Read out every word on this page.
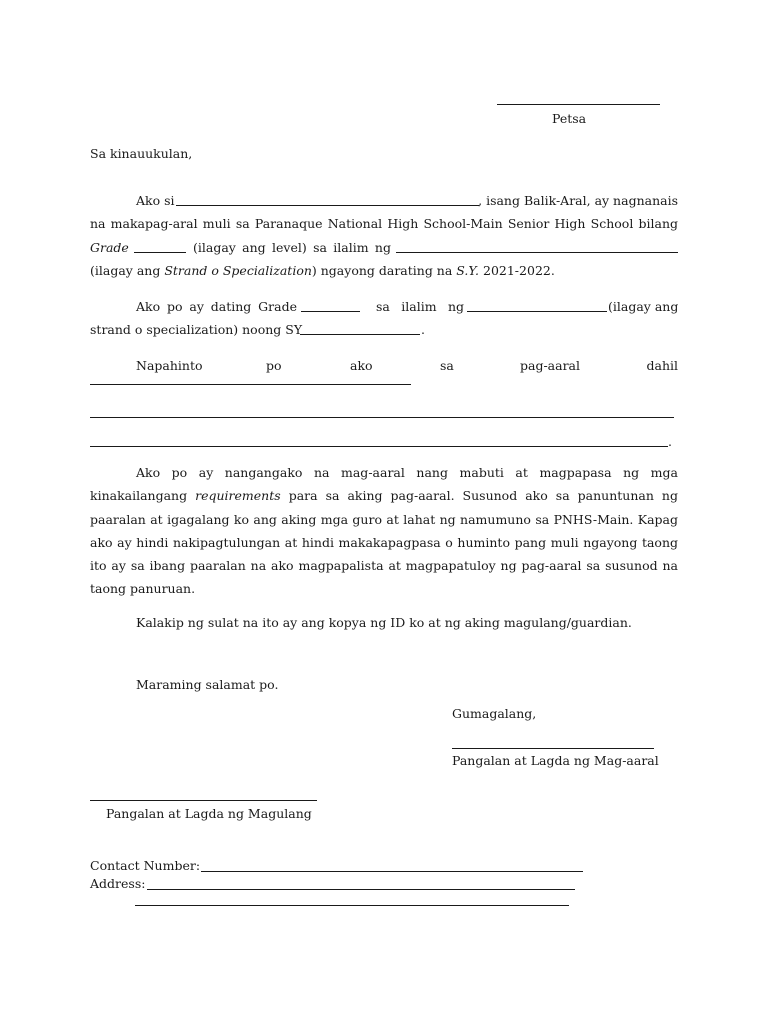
Petsa
Sa kinauukulan,
Ako si	, isang Balik-Aral, ay nagnanais
na makapag-aral muli sa Paranaque National High School-Main Senior High School bilang
Grade	(ilagay ang level) sa ilalim ng
(ilagay ang Strand o Specialization) ngayong darating na S.Y. 2021-2022.
Ako po ay dating Grade	sa ilalim ng	(ilagay ang
strand o specialization) noong SY	.
Napahinto	po	ako	sa	pag-aaral	dahil
.
Ako po ay nangangako na mag-aaral nang mabuti at magpapasa ng mga
kinakailangang requirements para sa aking pag-aaral. Susunod ako sa panuntunan ng
paaralan at igagalang ko ang aking mga guro at lahat ng namumuno sa PNHS-Main. Kapag
ako ay hindi nakipagtulungan at hindi makakapagpasa o huminto pang muli ngayong taong
ito ay sa ibang paaralan na ako magpapalista at magpapatuloy ng pag-aaral sa susunod na
taong panuruan.
Kalakip ng sulat na ito ay ang kopya ng ID ko at ng aking magulang/guardian.
Maraming salamat po.
Gumagalang,
Pangalan at Lagda ng Mag-aaral
Pangalan at Lagda ng Magulang
Contact Number:
Address:
